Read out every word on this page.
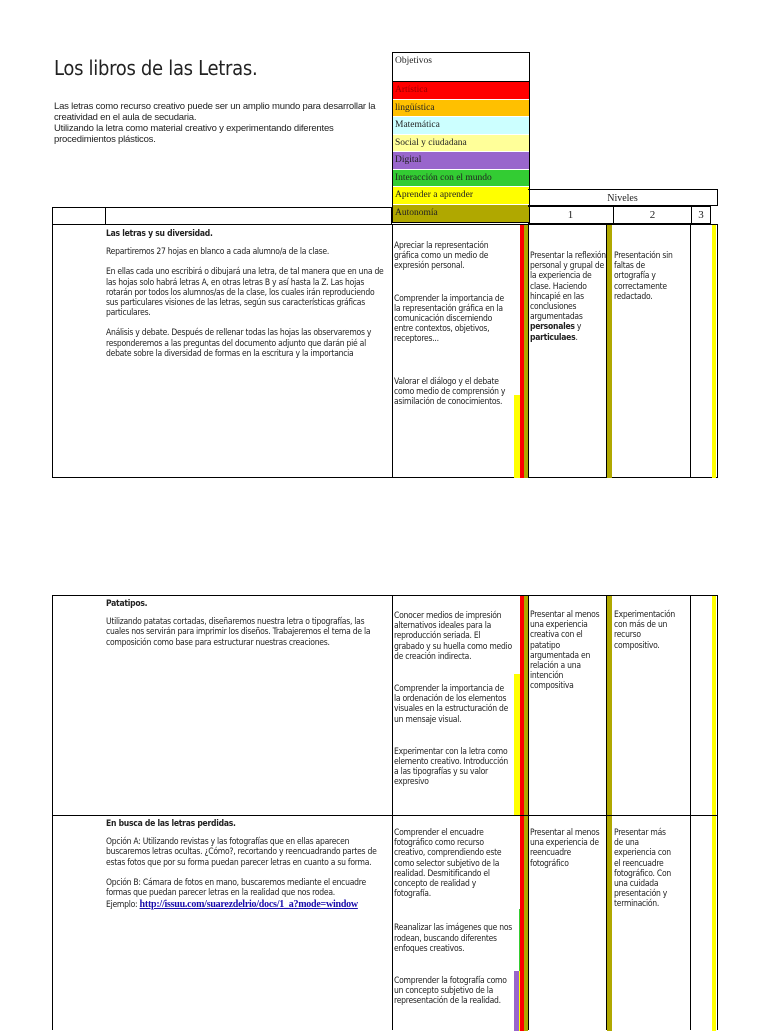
Los libros de las Letras.

Las letras como recurso creativo puede ser un amplio mundo para desarrollar la creatividad en el aula de secudaria.

Utilizando la letra como material creativo y experimentando diferentes procedimientos plásticos.

Objetivos
Artística
lingüística
Matemática
Social y ciudadana
Digital
Interacción con el mundo
Aprender a aprender
Autonomía
Niveles
1	2	3

Las letras y su diversidad.

Repartiremos 27 hojas en blanco a cada alumno/a de la clase.

En ellas cada uno escribirá o dibujará una letra, de tal manera que en una de las hojas solo habrá letras A, en otras letras B y así hasta la Z. Las hojas rotarán por todos los alumnos/as de la clase, los cuales irán reproduciendo sus particulares visiones de las letras, según sus características gráficas particulares.

Análisis y debate. Después de rellenar todas las hojas las observaremos y responderemos a las preguntas del documento adjunto que darán pié al debate sobre la diversidad de formas en la escritura y la importancia

Apreciar la representación gráfica como un medio de expresión personal.

Comprender la importancia de la representación gráfica en la comunicación discerniendo entre contextos, objetivos, receptores...

Valorar el diálogo y el debate como medio de comprensión y asimilación de conocimientos.

Presentar la reflexión personal y grupal de la experiencia de clase. Haciendo hincapié en las conclusiones argumentadas personales y particulaes.
Presentación sin faltas de ortografía y correctamente redactado.

Patatipos.

Utilizando patatas cortadas, diseñaremos nuestra letra o tipografías, las cuales nos servirán para imprimir los diseños. Trabajeremos el tema de la composición como base para estructurar nuestras creaciones.

Conocer medios de impresión alternativos ideales para la reproducción seriada. El grabado y su huella como medio de creación indirecta.

Comprender la importancia de la ordenación de los elementos visuales en la estructuración de un mensaje visual.

Experimentar con la letra como elemento creativo. Introducción a las tipografías y su valor expresivo

Presentar al menos una experiencia creativa con el patatipo argumentada en relación a una intención compositiva
Experimentación con más de un recurso compositivo.

En busca de las letras perdidas.

Opción A: Utilizando revistas y las fotografías que en ellas aparecen buscaremos letras ocultas. ¿Cómo?, recortando y reencuadrando partes de estas fotos que por su forma puedan parecer letras en cuanto a su forma.

Opción B: Cámara de fotos en mano, buscaremos mediante el encuadre formas que puedan parecer letras en la realidad que nos rodea.

Ejemplo: http://issuu.com/suarezdelrio/docs/1_a?mode=window

Comprender el encuadre fotográfico como recurso creativo, comprendiendo este como selector subjetivo de la realidad. Desmitificando el concepto de realidad y fotografía.

Reanalizar las imágenes que nos rodean, buscando diferentes enfoques creativos.

Comprender la fotografía como un concepto subjetivo de la representación de la realidad.

Presentar al menos una experiencia de reencuadre fotográfico
Presentar más de una experiencia con el reencuadre fotográfico. Con una cuidada presentación y terminación.
